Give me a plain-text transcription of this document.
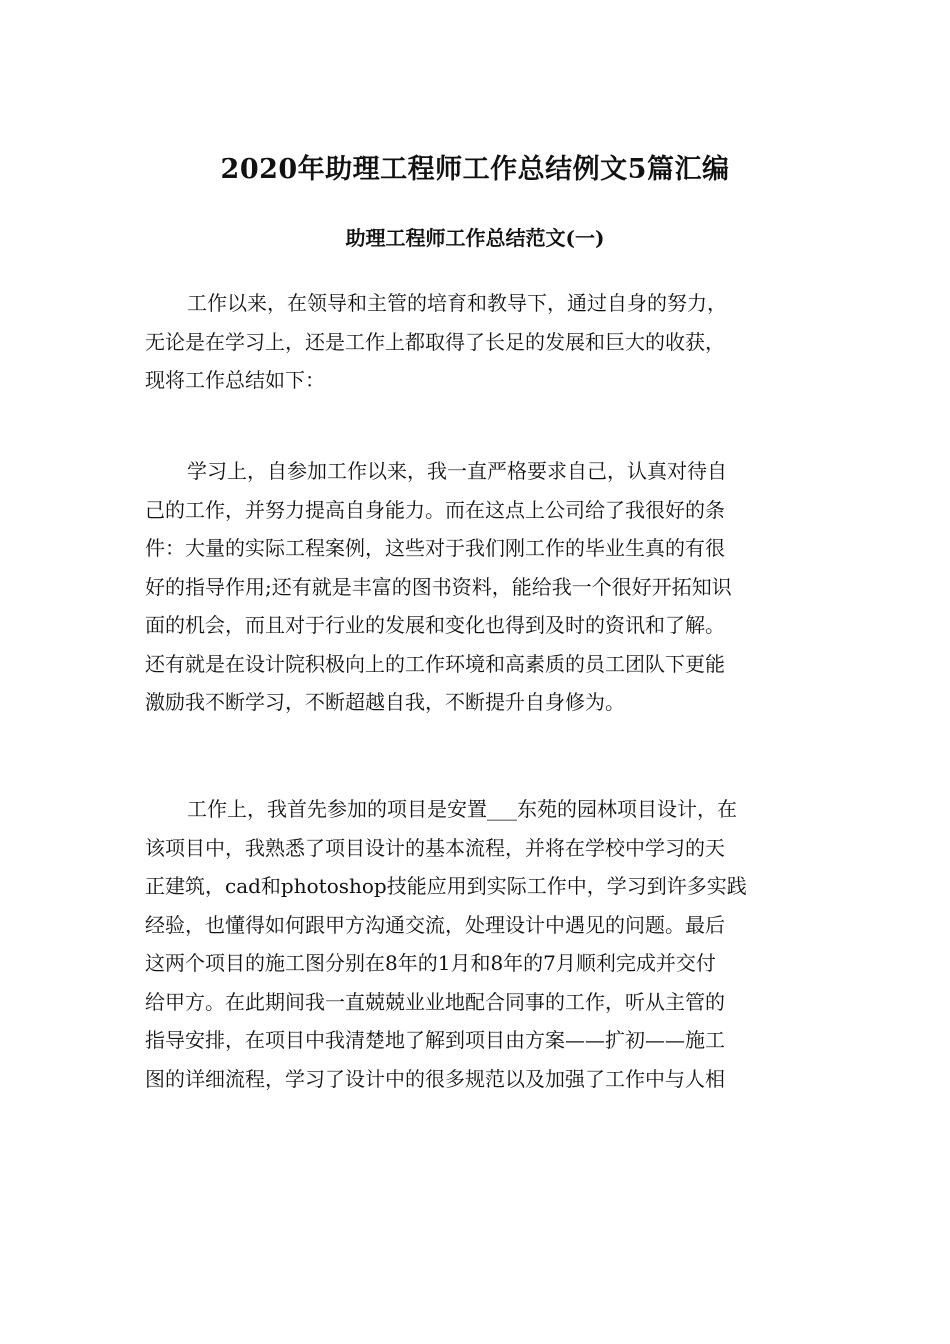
2020年助理工程师工作总结例文5篇汇编
助理工程师工作总结范文(一)
工作以来，在领导和主管的培育和教导下，通过自身的努力，
无论是在学习上，还是工作上都取得了长足的发展和巨大的收获，
现将工作总结如下：
学习上，自参加工作以来，我一直严格要求自己，认真对待自
己的工作，并努力提高自身能力。而在这点上公司给了我很好的条
件：大量的实际工程案例，这些对于我们刚工作的毕业生真的有很
好的指导作用;还有就是丰富的图书资料，能给我一个很好开拓知识
面的机会，而且对于行业的发展和变化也得到及时的资讯和了解。
还有就是在设计院积极向上的工作环境和高素质的员工团队下更能
激励我不断学习，不断超越自我，不断提升自身修为。
工作上，我首先参加的项目是安置___东苑的园林项目设计，在
该项目中，我熟悉了项目设计的基本流程，并将在学校中学习的天
正建筑，cad和photoshop技能应用到实际工作中，学习到许多实践
经验，也懂得如何跟甲方沟通交流，处理设计中遇见的问题。最后
这两个项目的施工图分别在8年的1月和8年的7月顺利完成并交付
给甲方。在此期间我一直兢兢业业地配合同事的工作，听从主管的
指导安排，在项目中我清楚地了解到项目由方案——扩初——施工
图的详细流程，学习了设计中的很多规范以及加强了工作中与人相
